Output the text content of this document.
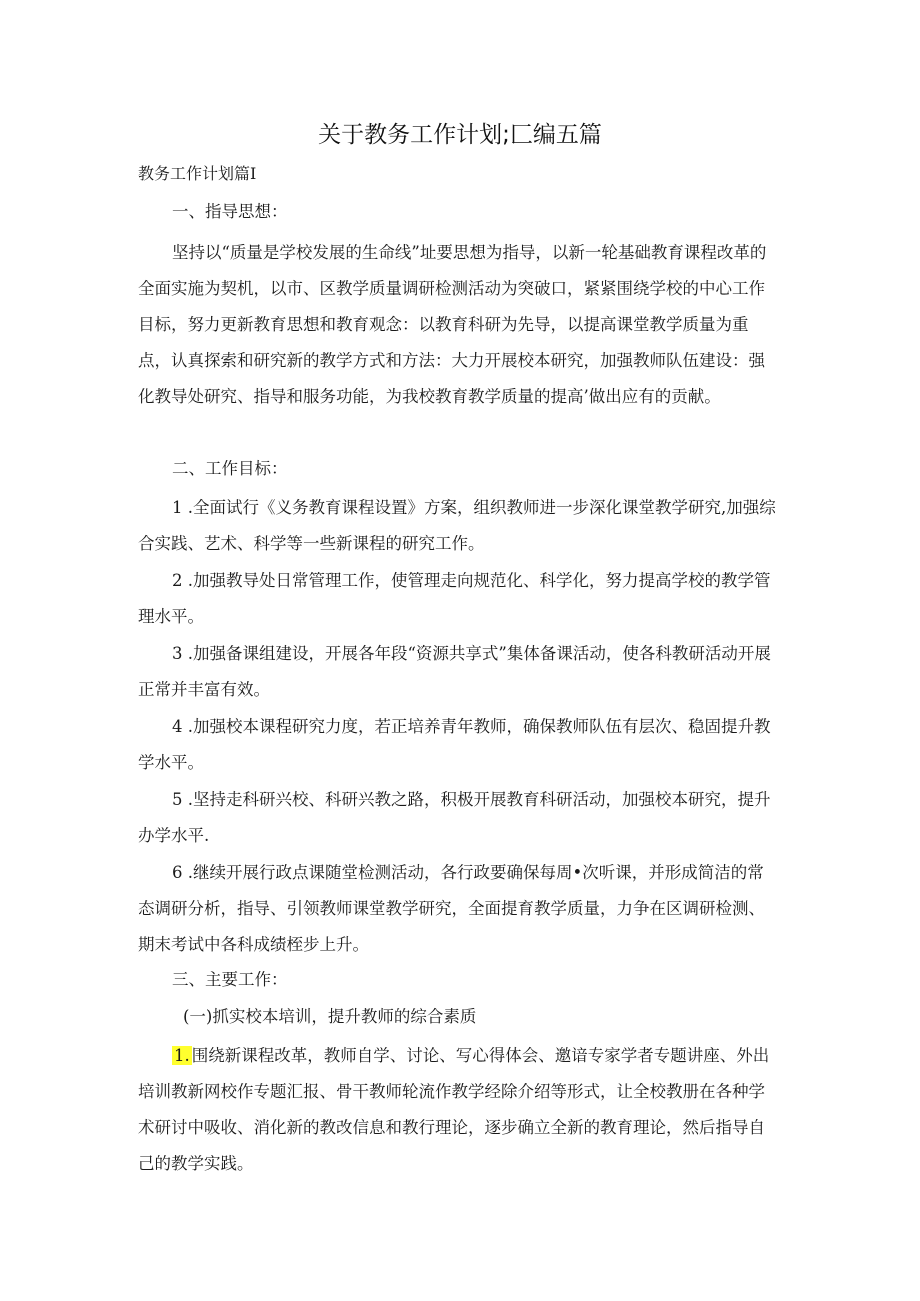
关于教务工作计划;匚编五篇

教务工作计划篇I

一、指导思想：

坚持以“质量是学校发展的生命线”址要思想为指导，以新一轮基础教育课程改革的全面实施为契机，以市、区教学质量调研检测活动为突破口，紧紧围绕学校的中心工作目标，努力更新教育思想和教育观念：以教育科研为先导，以提高课堂教学质量为重点，认真探索和研究新的教学方式和方法：大力开展校本研究，加强教师队伍建设：强化教导处研究、指导和服务功能，为我校教育教学质量的提高’做出应有的贡献。

二、工作目标：

1 .全面试行《义务教育课程设置》方案，组织教师进一步深化课堂教学研究,加强综合实践、艺术、科学等一些新课程的研究工作。

2 .加强教导处日常管理工作，使管理走向规范化、科学化，努力提高学校的教学管理水平。

3 .加强备课组建设，开展各年段“资源共享式”集体备课活动，使各科教研活动开展正常并丰富有效。

4 .加强校本课程研究力度，若正培养青年教师，确保教师队伍有层次、稳固提升教学水平。

5 .坚持走科研兴校、科研兴教之路，积极开展教育科研活动，加强校本研究，提升办学水平.

6 .继续开展行政点课随堂检测活动，各行政要确保每周•次听课，并形成简洁的常态调研分析，指导、引领教师课堂教学研究，全面提育教学质量，力争在区调研检测、期末考试中各科成绩桎步上升。

三、主要工作：

(一)抓实校本培训，提升教师的综合素质

1. 围绕新课程改革，教师自学、讨论、写心得体会、邀谙专家学者专题讲座、外出培训教新网校作专题汇报、骨干教师轮流作教学经除介绍等形式，让全校教册在各种学术研讨中吸收、消化新的教改信息和教行理论，逐步确立全新的教育理论，然后指导自己的教学实践。
